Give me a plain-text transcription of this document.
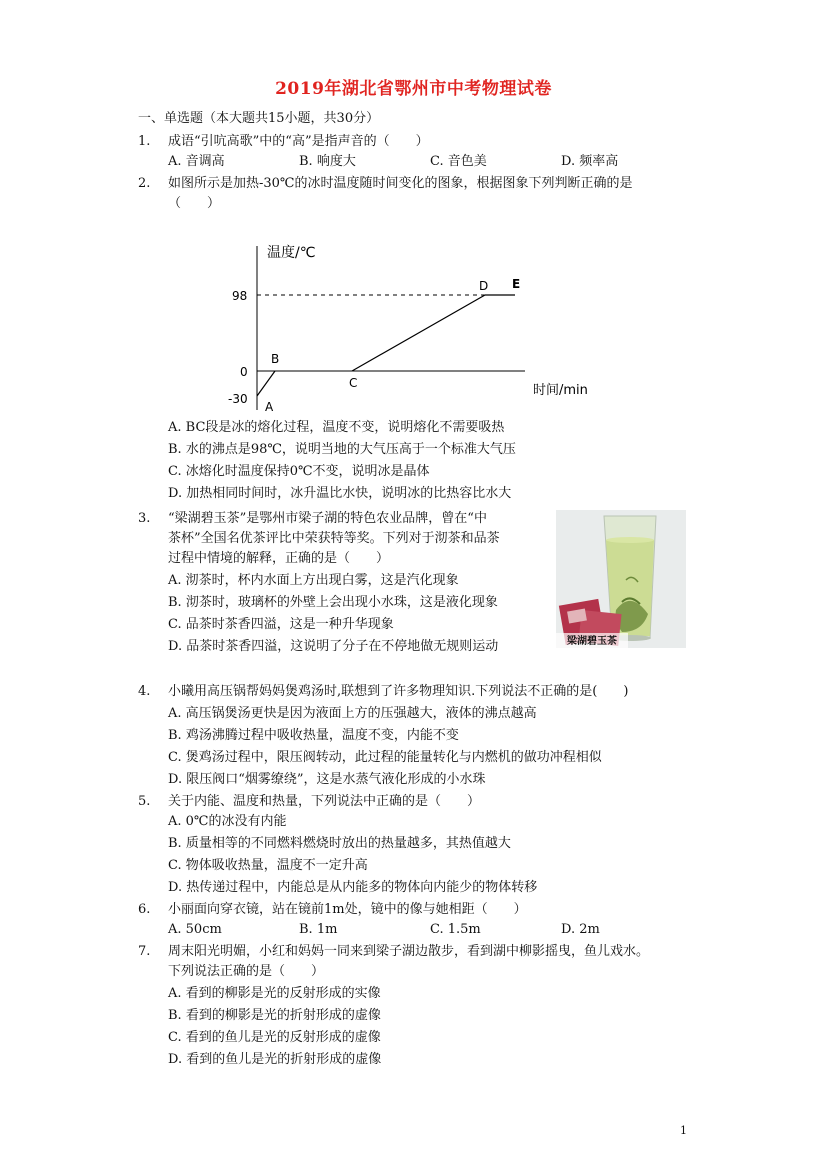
2019年湖北省鄂州市中考物理试卷
一、单选题（本大题共15小题，共30分）
1. 成语“引吭高歌”中的“高”是指声音的（　　）
A. 音调高	B. 响度大	C. 音色美	D. 频率高
2. 如图所示是加热-30℃的冰时温度随时间变化的图象，根据图象下列判断正确的是
（　　）
温度/℃
时间/min
98
0
-30
A
B
C
D E
A. BC段是冰的熔化过程，温度不变，说明熔化不需要吸热
B. 水的沸点是98℃，说明当地的大气压高于一个标准大气压
C. 冰熔化时温度保持0℃不变，说明冰是晶体
D. 加热相同时间时，冰升温比水快，说明冰的比热容比水大
3. “梁湖碧玉茶”是鄂州市梁子湖的特色农业品牌，曾在“中
茶杯”全国名优茶评比中荣获特等奖。下列对于沏茶和品茶
过程中情境的解释，正确的是（　　）
A. 沏茶时，杯内水面上方出现白雾，这是汽化现象
B. 沏茶时，玻璃杯的外壁上会出现小水珠，这是液化现象
C. 品茶时茶香四溢，这是一种升华现象
D. 品茶时茶香四溢，这说明了分子在不停地做无规则运动	梁湖碧玉茶
4. 小曦用高压锅帮妈妈煲鸡汤时,联想到了许多物理知识.下列说法不正确的是(　　)
A. 高压锅煲汤更快是因为液面上方的压强越大，液体的沸点越高
B. 鸡汤沸腾过程中吸收热量，温度不变，内能不变
C. 煲鸡汤过程中，限压阀转动，此过程的能量转化与内燃机的做功冲程相似
D. 限压阀口“烟雾缭绕”，这是水蒸气液化形成的小水珠
5. 关于内能、温度和热量，下列说法中正确的是（　　）
A. 0℃的冰没有内能
B. 质量相等的不同燃料燃烧时放出的热量越多，其热值越大
C. 物体吸收热量，温度不一定升高
D. 热传递过程中，内能总是从内能多的物体向内能少的物体转移
6. 小丽面向穿衣镜，站在镜前1m处，镜中的像与她相距（　　）
A. 50cm	B. 1m	C. 1.5m	D. 2m
7. 周末阳光明媚，小红和妈妈一同来到梁子湖边散步，看到湖中柳影摇曳，鱼儿戏水。
下列说法正确的是（　　）
A. 看到的柳影是光的反射形成的实像
B. 看到的柳影是光的折射形成的虚像
C. 看到的鱼儿是光的反射形成的虚像
D. 看到的鱼儿是光的折射形成的虚像
1
